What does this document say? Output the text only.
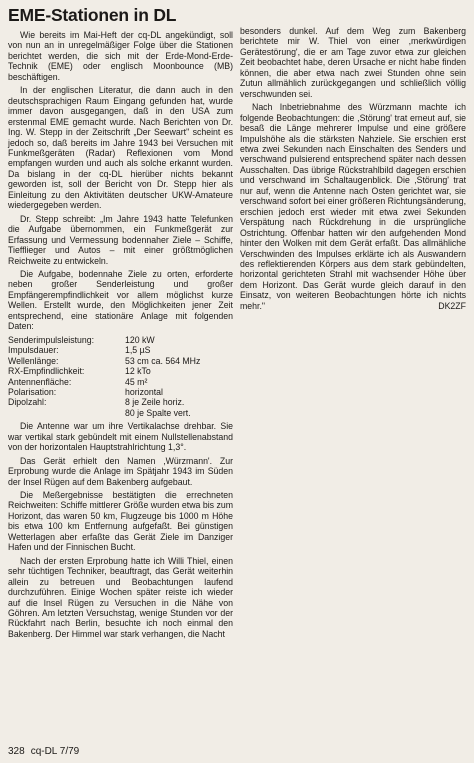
EME-Stationen in DL

Wie bereits im Mai-Heft der cq-DL angekündigt, soll von nun an in unregelmäßiger Folge über die Stationen berichtet werden, die sich mit der Erde-Mond-Erde-Technik (EME) oder englisch Moonbounce (MB) beschäftigen.

In der englischen Literatur, die dann auch in den deutschsprachigen Raum Eingang gefunden hat, wurde immer davon ausgegangen, daß in den USA zum erstenmal EME gemacht wurde. Nach Berichten von Dr. Ing. W. Stepp in der Zeitschrift „Der Seewart" scheint es jedoch so, daß bereits im Jahre 1943 bei Versuchen mit Funkmeßgeräten (Radar) Reflexionen vom Mond empfangen wurden und auch als solche erkannt wurden. Da bislang in der cq-DL hierüber nichts bekannt geworden ist, soll der Bericht von Dr. Stepp hier als Einleitung zu den Aktivitäten deutscher UKW-Amateure wiedergegeben werden.

Dr. Stepp schreibt: „Im Jahre 1943 hatte Telefunken die Aufgabe übernommen, ein Funkmeßgerät zur Erfassung und Vermessung bodennaher Ziele – Schiffe, Tiefflieger und Autos – mit einer größtmöglichen Reichweite zu entwickeln.

Die Aufgabe, bodennahe Ziele zu orten, erforderte neben großer Senderleistung und großer Empfängerempfindlichkeit vor allem möglichst kurze Wellen. Erstellt wurde, den Möglichkeiten jener Zeit entsprechend, eine stationäre Anlage mit folgenden Daten:

Senderimpulsleistung:	120 kW
Impulsdauer:	1,5 µS
Wellenlänge:	53 cm ca. 564 MHz
RX-Empfindlichkeit:	12 kTo
Antennenfläche:	45 m²
Polarisation:	horizontal
Dipolzahl:	8 je Zeile horiz.
80 je Spalte vert.

Die Antenne war um ihre Vertikalachse drehbar. Sie war vertikal stark gebündelt mit einem Nullstellenabstand von der horizontalen Hauptstrahlrichtung 1,3°.

Das Gerät erhielt den Namen ,Würzmann'. Zur Erprobung wurde die Anlage im Spätjahr 1943 im Süden der Insel Rügen auf dem Bakenberg aufgebaut.

Die Meßergebnisse bestätigten die errechneten Reichweiten: Schiffe mittlerer Größe wurden etwa bis zum Horizont, das waren 50 km, Flugzeuge bis 1000 m Höhe bis etwa 100 km Entfernung aufgefaßt. Bei günstigen Wetterlagen aber erfaßte das Gerät Ziele im Danziger Hafen und der Finnischen Bucht.

Nach der ersten Erprobung hatte ich Willi Thiel, einen sehr tüchtigen Techniker, beauftragt, das Gerät weiterhin allein zu betreuen und Beobachtungen laufend durchzuführen. Einige Wochen später reiste ich wieder auf die Insel Rügen zu Versuchen in die Nähe von Göhren. Am letzten Versuchstag, wenige Stunden vor der Rückfahrt nach Berlin, besuchte ich noch einmal den Bakenberg. Der Himmel war stark verhangen, die Nacht

besonders dunkel. Auf dem Weg zum Bakenberg berichtete mir W. Thiel von einer ,merkwürdigen Gerätestörung', die er am Tage zuvor etwa zur gleichen Zeit beobachtet habe, deren Ursache er nicht habe finden können, die aber etwa nach zwei Stunden ohne sein Zutun allmählich zurückgegangen und schließlich völlig verschwunden sei.

Nach Inbetriebnahme des Würzmann machte ich folgende Beobachtungen: die ,Störung' trat erneut auf, sie besaß die Länge mehrerer Impulse und eine größere Impulshöhe als die stärksten Nahziele. Sie erschien erst etwa zwei Sekunden nach Einschalten des Senders und verschwand pulsierend entsprechend später nach dessen Ausschalten. Das übrige Rückstrahlbild dagegen erschien und verschwand im Schaltaugenblick. Die ,Störung' trat nur auf, wenn die Antenne nach Osten gerichtet war, sie verschwand sofort bei einer größeren Richtungsänderung, erschien jedoch erst wieder mit etwa zwei Sekunden Verspätung nach Rückdrehung in die ursprüngliche Ostrichtung. Offenbar hatten wir den aufgehenden Mond hinter den Wolken mit dem Gerät erfaßt. Das allmähliche Verschwinden des Impulses erklärte ich als Auswandern des reflektierenden Körpers aus dem stark gebündelten, horizontal gerichteten Strahl mit wachsender Höhe über dem Horizont. Das Gerät wurde gleich darauf in den Einsatz, von weiteren Beobachtungen hörte ich nichts mehr."	DK2ZF

328 cq-DL 7/79
